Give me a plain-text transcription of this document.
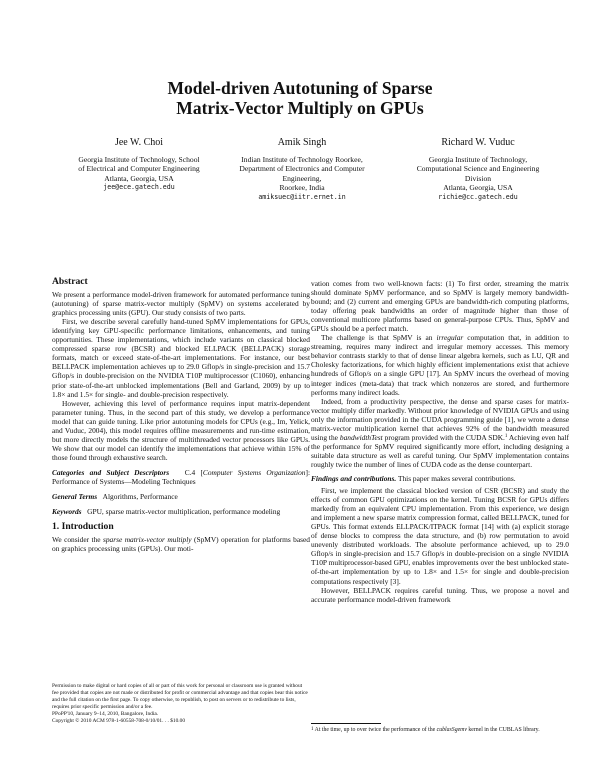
Model-driven Autotuning of Sparse
Matrix-Vector Multiply on GPUs
Jee W. Choi
Georgia Institute of Technology, School
of Electrical and Computer Engineering
Atlanta, Georgia, USA
jee@ece.gatech.edu
Amik Singh
Indian Institute of Technology Roorkee,
Department of Electronics and Computer
Engineering,
Roorkee, India
amiksuec@iitr.ernet.in
Richard W. Vuduc
Georgia Institute of Technology,
Computational Science and Engineering
Division
Atlanta, Georgia, USA
richie@cc.gatech.edu
Abstract

We present a performance model-driven framework for automated performance tuning (autotuning) of sparse matrix-vector multiply (SpMV) on systems accelerated by graphics processing units (GPU). Our study consists of two parts.

First, we describe several carefully hand-tuned SpMV implementations for GPUs, identifying key GPU-specific performance limitations, enhancements, and tuning opportunities. These implementations, which include variants on classical blocked compressed sparse row (BCSR) and blocked ELLPACK (BELLPACK) storage formats, match or exceed state-of-the-art implementations. For instance, our best BELLPACK implementation achieves up to 29.0 Gflop/s in single-precision and 15.7 Gflop/s in double-precision on the NVIDIA T10P multiprocessor (C1060), enhancing prior state-of-the-art unblocked implementations (Bell and Garland, 2009) by up to 1.8× and 1.5× for single- and double-precision respectively.

However, achieving this level of performance requires input matrix-dependent parameter tuning. Thus, in the second part of this study, we develop a performance model that can guide tuning. Like prior autotuning models for CPUs (e.g., Im, Yelick, and Vuduc, 2004), this model requires offline measurements and run-time estimation, but more directly models the structure of multithreaded vector processors like GPUs. We show that our model can identify the implementations that achieve within 15% of those found through exhaustive search.

Categories and Subject Descriptors C.4 [Computer Systems Organization]: Performance of Systems—Modeling Techniques

General Terms Algorithms, Performance

Keywords GPU, sparse matrix-vector multiplication, performance modeling

1. Introduction

We consider the sparse matrix-vector multiply (SpMV) operation for platforms based on graphics processing units (GPUs). Our moti-

Permission to make digital or hard copies of all or part of this work for personal or classroom use is granted without fee provided that copies are not made or distributed for profit or commercial advantage and that copies bear this notice and the full citation on the first page. To copy otherwise, to republish, to post on servers or to redistribute to lists, requires prior specific permission and/or a fee.

PPoPP'10, January 9–14, 2010, Bangalore, India.

Copyright © 2010 ACM 978-1-60558-708-0/10/01. . . $10.00

vation comes from two well-known facts: (1) To first order, streaming the matrix should dominate SpMV performance, and so SpMV is largely memory bandwidth-bound; and (2) current and emerging GPUs are bandwidth-rich computing platforms, today offering peak bandwidths an order of magnitude higher than those of conventional multicore platforms based on general-purpose CPUs. Thus, SpMV and GPUs should be a perfect match.

The challenge is that SpMV is an irregular computation that, in addition to streaming, requires many indirect and irregular memory accesses. This memory behavior contrasts starkly to that of dense linear algebra kernels, such as LU, QR and Cholesky factorizations, for which highly efficient implementations exist that achieve hundreds of Gflop/s on a single GPU [17]. An SpMV incurs the overhead of moving integer indices (meta-data) that track which nonzeros are stored, and furthermore performs many indirect loads.

Indeed, from a productivity perspective, the dense and sparse cases for matrix-vector multiply differ markedly. Without prior knowledge of NVIDIA GPUs and using only the information provided in the CUDA programming guide [1], we wrote a dense matrix-vector multiplication kernel that achieves 92% of the bandwidth measured using the bandwidthTest program provided with the CUDA SDK.$^1$ Achieving even half the performance for SpMV required significantly more effort, including designing a suitable data structure as well as careful tuning. Our SpMV implementation contains roughly twice the number of lines of CUDA code as the dense counterpart.

Findings and contributions. This paper makes several contributions.

First, we implement the classical blocked version of CSR (BCSR) and study the effects of common GPU optimizations on the kernel. Tuning BCSR for GPUs differs markedly from an equivalent CPU implementation. From this experience, we design and implement a new sparse matrix compression format, called BELLPACK, tuned for GPUs. This format extends ELLPACK/ITPACK format [14] with (a) explicit storage of dense blocks to compress the data structure, and (b) row permutation to avoid unevenly distributed workloads. The absolute performance achieved, up to 29.0 Gflop/s in single-precision and 15.7 Gflop/s in double-precision on a single NVIDIA T10P multiprocessor-based GPU, enables improvements over the best unblocked state-of-the-art implementation by up to 1.8× and 1.5× for single and double-precision computations respectively [3].

However, BELLPACK requires careful tuning. Thus, we propose a novel and accurate performance model-driven framework

$^1$ At the time, up to over twice the performance of the cublasSgemv kernel in the CUBLAS library.
